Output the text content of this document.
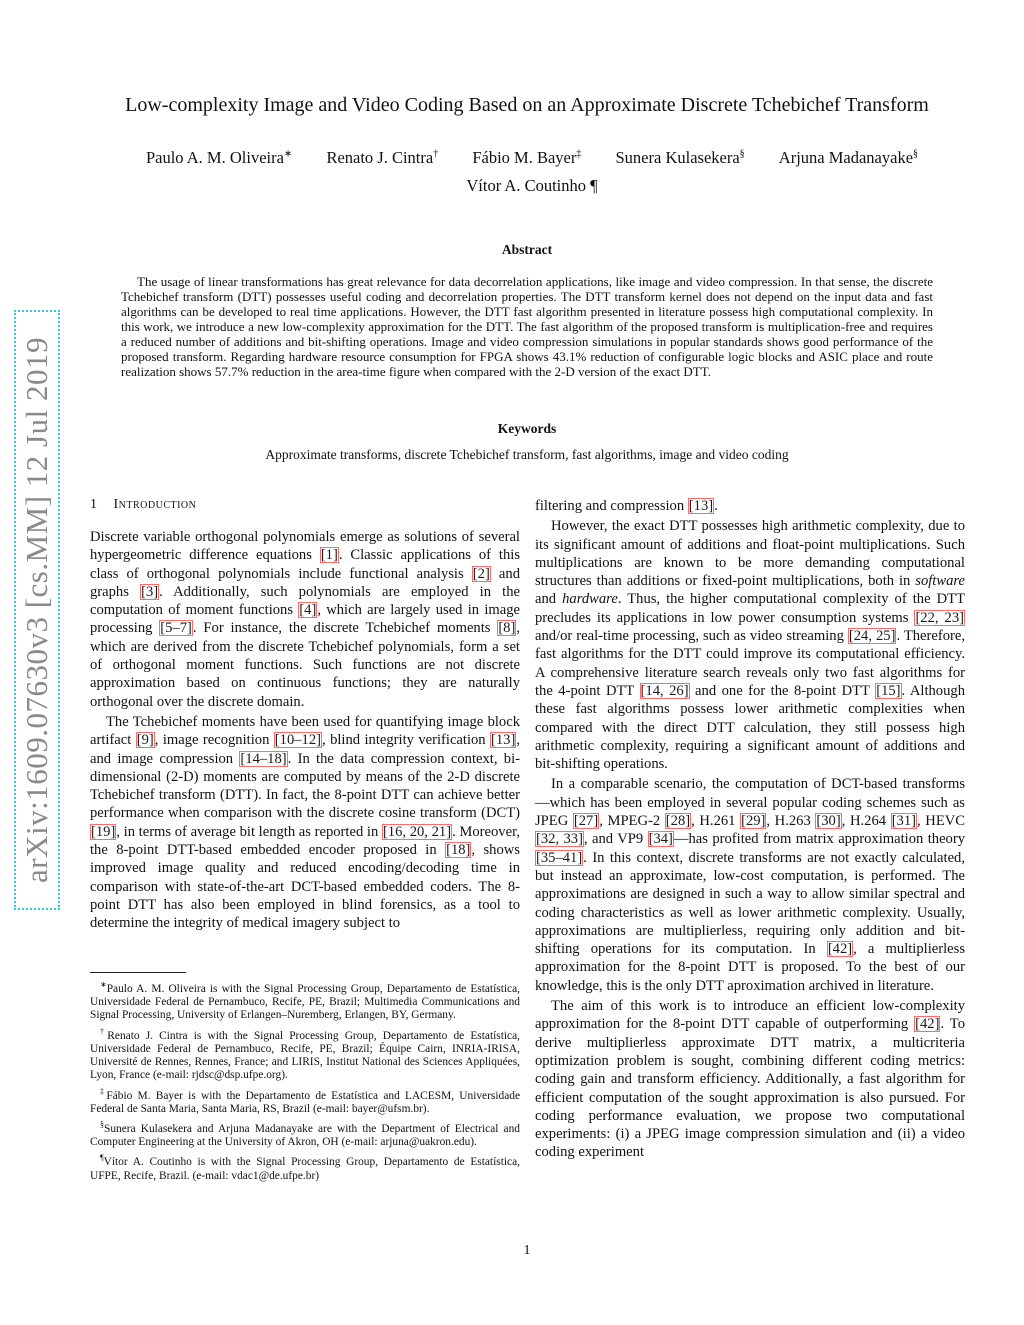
arXiv:1609.07630v3 [cs.MM] 12 Jul 2019
Low-complexity Image and Video Coding Based on an Approximate Discrete Tchebichef Transform
Paulo A. M. Oliveira∗ Renato J. Cintra† Fábio M. Bayer‡ Sunera Kulasekera§ Arjuna Madanayake§
Vítor A. Coutinho ¶
Abstract
The usage of linear transformations has great relevance for data decorrelation applications, like image and video compression. In that sense, the discrete Tchebichef transform (DTT) possesses useful coding and decorrelation properties. The DTT transform kernel does not depend on the input data and fast algorithms can be developed to real time applications. However, the DTT fast algorithm presented in literature possess high computational complexity. In this work, we introduce a new low-complexity approximation for the DTT. The fast algorithm of the proposed transform is multiplication-free and requires a reduced number of additions and bit-shifting operations. Image and video compression simulations in popular standards shows good performance of the proposed transform. Regarding hardware resource consumption for FPGA shows 43.1% reduction of configurable logic blocks and ASIC place and route realization shows 57.7% reduction in the area-time figure when compared with the 2-D version of the exact DTT.
Keywords
Approximate transforms, discrete Tchebichef transform, fast algorithms, image and video coding
1 Introduction

Discrete variable orthogonal polynomials emerge as solutions of several hypergeometric difference equations [1]. Classic applications of this class of orthogonal polynomials include functional analysis [2] and graphs [3]. Additionally, such polynomials are employed in the computation of moment functions [4], which are largely used in image processing [5–7]. For instance, the discrete Tchebichef moments [8], which are derived from the discrete Tchebichef polynomials, form a set of orthogonal moment functions. Such functions are not discrete approximation based on continuous functions; they are naturally orthogonal over the discrete domain.

The Tchebichef moments have been used for quantifying image block artifact [9], image recognition [10–12], blind integrity verification [13], and image compression [14–18]. In the data compression context, bi-dimensional (2-D) moments are computed by means of the 2-D discrete Tchebichef transform (DTT). In fact, the 8-point DTT can achieve better performance when comparison with the discrete cosine transform (DCT) [19], in terms of average bit length as reported in [16, 20, 21]. Moreover, the 8-point DTT-based embedded encoder proposed in [18], shows improved image quality and reduced encoding/decoding time in comparison with state-of-the-art DCT-based embedded coders. The 8-point DTT has also been employed in blind forensics, as a tool to determine the integrity of medical imagery subject to

∗Paulo A. M. Oliveira is with the Signal Processing Group, Departamento de Estatística, Universidade Federal de Pernambuco, Recife, PE, Brazil; Multimedia Communications and Signal Processing, University of Erlangen–Nuremberg, Erlangen, BY, Germany.

†Renato J. Cintra is with the Signal Processing Group, Departamento de Estatística, Universidade Federal de Pernambuco, Recife, PE, Brazil; Équipe Cairn, INRIA-IRISA, Université de Rennes, Rennes, France; and LIRIS, Institut National des Sciences Appliquées, Lyon, France (e-mail: rjdsc@dsp.ufpe.org).

‡Fábio M. Bayer is with the Departamento de Estatística and LACESM, Universidade Federal de Santa Maria, Santa Maria, RS, Brazil (e-mail: bayer@ufsm.br).

§Sunera Kulasekera and Arjuna Madanayake are with the Department of Electrical and Computer Engineering at the University of Akron, OH (e-mail: arjuna@uakron.edu).

¶Vítor A. Coutinho is with the Signal Processing Group, Departamento de Estatística, UFPE, Recife, Brazil. (e-mail: vdac1@de.ufpe.br)

filtering and compression [13].

However, the exact DTT possesses high arithmetic complexity, due to its significant amount of additions and float-point multiplications. Such multiplications are known to be more demanding computational structures than additions or fixed-point multiplications, both in software and hardware. Thus, the higher computational complexity of the DTT precludes its applications in low power consumption systems [22, 23] and/or real-time processing, such as video streaming [24, 25]. Therefore, fast algorithms for the DTT could improve its computational efficiency. A comprehensive literature search reveals only two fast algorithms for the 4-point DTT [14, 26] and one for the 8-point DTT [15]. Although these fast algorithms possess lower arithmetic complexities when compared with the direct DTT calculation, they still possess high arithmetic complexity, requiring a significant amount of additions and bit-shifting operations.

In a comparable scenario, the computation of DCT-based transforms—which has been employed in several popular coding schemes such as JPEG [27], MPEG-2 [28], H.261 [29], H.263 [30], H.264 [31], HEVC [32, 33], and VP9 [34]—has profited from matrix approximation theory [35–41]. In this context, discrete transforms are not exactly calculated, but instead an approximate, low-cost computation, is performed. The approximations are designed in such a way to allow similar spectral and coding characteristics as well as lower arithmetic complexity. Usually, approximations are multiplierless, requiring only addition and bit-shifting operations for its computation. In [42], a multiplierless approximation for the 8-point DTT is proposed. To the best of our knowledge, this is the only DTT aproximation archived in literature.

The aim of this work is to introduce an efficient low-complexity approximation for the 8-point DTT capable of outperforming [42]. To derive multiplierless approximate DTT matrix, a multicriteria optimization problem is sought, combining different coding metrics: coding gain and transform efficiency. Additionally, a fast algorithm for efficient computation of the sought approximation is also pursued. For coding performance evaluation, we propose two computational experiments: (i) a JPEG image compression simulation and (ii) a video coding experiment

1
